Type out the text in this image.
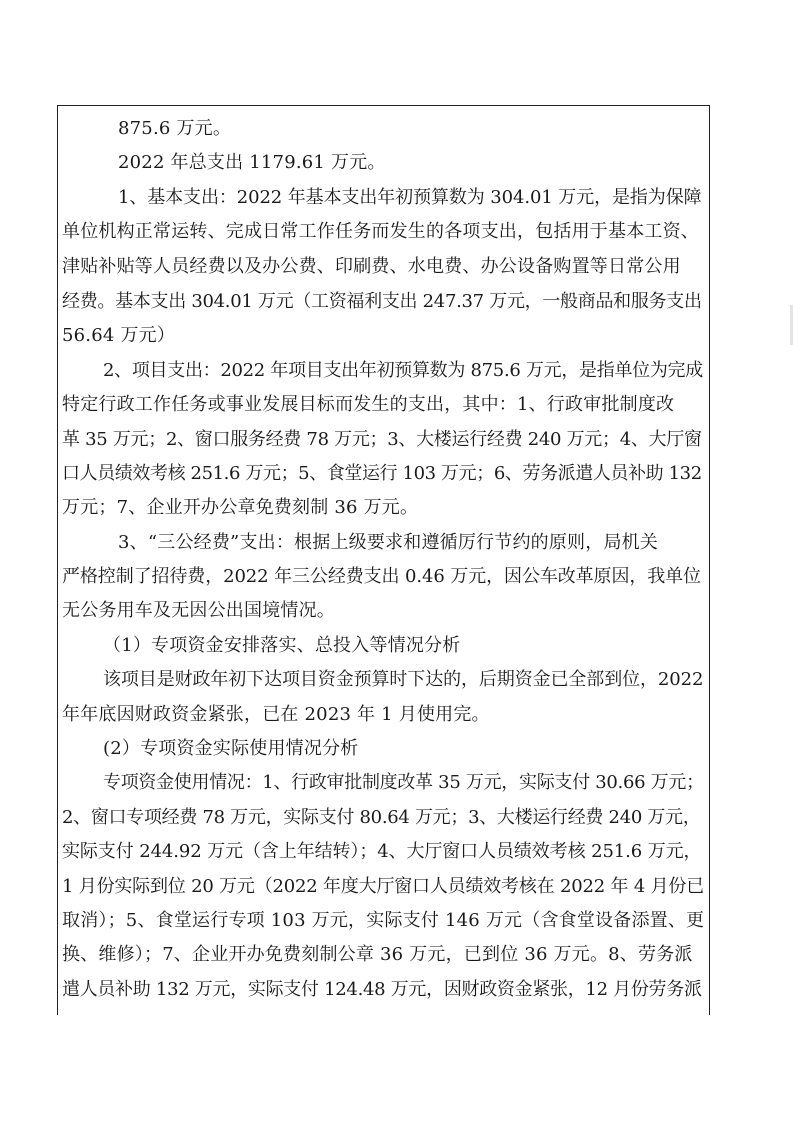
875.6 万元。
2022 年总支出 1179.61 万元。
1、基本支出：2022 年基本支出年初预算数为 304.01 万元，是指为保障
单位机构正常运转、完成日常工作任务而发生的各项支出，包括用于基本工资、
津贴补贴等人员经费以及办公费、印刷费、水电费、办公设备购置等日常公用
经费。基本支出 304.01 万元（工资福利支出 247.37 万元，一般商品和服务支出
56.64 万元）
2、项目支出：2022 年项目支出年初预算数为 875.6 万元，是指单位为完成
特定行政工作任务或事业发展目标而发生的支出，其中：1、行政审批制度改
革 35 万元；2、窗口服务经费 78 万元；3、大楼运行经费 240 万元；4、大厅窗
口人员绩效考核 251.6 万元；5、食堂运行 103 万元；6、劳务派遣人员补助 132
万元；7、企业开办公章免费刻制 36 万元。
3、“三公经费”支出：根据上级要求和遵循厉行节约的原则，局机关
严格控制了招待费，2022 年三公经费支出 0.46 万元，因公车改革原因，我单位
无公务用车及无因公出国境情况。
（1）专项资金安排落实、总投入等情况分析
该项目是财政年初下达项目资金预算时下达的，后期资金已全部到位，2022
年年底因财政资金紧张，已在 2023 年 1 月使用完。
(2）专项资金实际使用情况分析
专项资金使用情况：1、行政审批制度改革 35 万元，实际支付 30.66 万元；
2、窗口专项经费 78 万元，实际支付 80.64 万元；3、大楼运行经费 240 万元，
实际支付 244.92 万元（含上年结转）；4、大厅窗口人员绩效考核 251.6 万元，
1 月份实际到位 20 万元（2022 年度大厅窗口人员绩效考核在 2022 年 4 月份已
取消）；5、食堂运行专项 103 万元，实际支付 146 万元（含食堂设备添置、更
换、维修）；7、企业开办免费刻制公章 36 万元，已到位 36 万元。8、劳务派
遣人员补助 132 万元，实际支付 124.48 万元，因财政资金紧张，12 月份劳务派
